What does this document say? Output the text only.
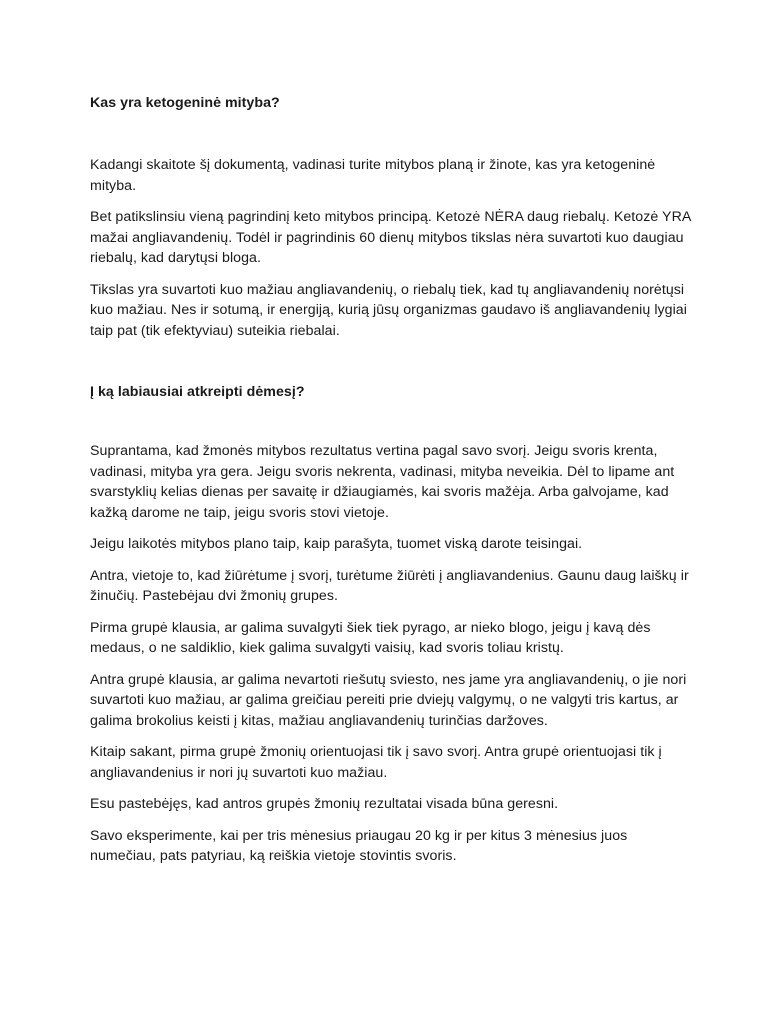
Kas yra ketogeninė mityba?

Kadangi skaitote šį dokumentą, vadinasi turite mitybos planą ir žinote, kas yra ketogeninė mityba.

Bet patikslinsiu vieną pagrindinį keto mitybos principą. Ketozė NĖRA daug riebalų. Ketozė YRA mažai angliavandenių. Todėl ir pagrindinis 60 dienų mitybos tikslas nėra suvartoti kuo daugiau riebalų, kad darytųsi bloga.

Tikslas yra suvartoti kuo mažiau angliavandenių, o riebalų tiek, kad tų angliavandenių norėtųsi kuo mažiau. Nes ir sotumą, ir energiją, kurią jūsų organizmas gaudavo iš angliavandenių lygiai taip pat (tik efektyviau) suteikia riebalai.

Į ką labiausiai atkreipti dėmesį?

Suprantama, kad žmonės mitybos rezultatus vertina pagal savo svorį. Jeigu svoris krenta, vadinasi, mityba yra gera. Jeigu svoris nekrenta, vadinasi, mityba neveikia. Dėl to lipame ant svarstyklių kelias dienas per savaitę ir džiaugiamės, kai svoris mažėja. Arba galvojame, kad kažką darome ne taip, jeigu svoris stovi vietoje.

Jeigu laikotės mitybos plano taip, kaip parašyta, tuomet viską darote teisingai.

Antra, vietoje to, kad žiūrėtume į svorį, turėtume žiūrėti į angliavandenius. Gaunu daug laiškų ir žinučių. Pastebėjau dvi žmonių grupes.

Pirma grupė klausia, ar galima suvalgyti šiek tiek pyrago, ar nieko blogo, jeigu į kavą dės medaus, o ne saldiklio, kiek galima suvalgyti vaisių, kad svoris toliau kristų.

Antra grupė klausia, ar galima nevartoti riešutų sviesto, nes jame yra angliavandenių, o jie nori suvartoti kuo mažiau, ar galima greičiau pereiti prie dviejų valgymų, o ne valgyti tris kartus, ar galima brokolius keisti į kitas, mažiau angliavandenių turinčias daržoves.

Kitaip sakant, pirma grupė žmonių orientuojasi tik į savo svorį. Antra grupė orientuojasi tik į angliavandenius ir nori jų suvartoti kuo mažiau.

Esu pastebėjęs, kad antros grupės žmonių rezultatai visada būna geresni.

Savo eksperimente, kai per tris mėnesius priaugau 20 kg ir per kitus 3 mėnesius juos numečiau, pats patyriau, ką reiškia vietoje stovintis svoris.
